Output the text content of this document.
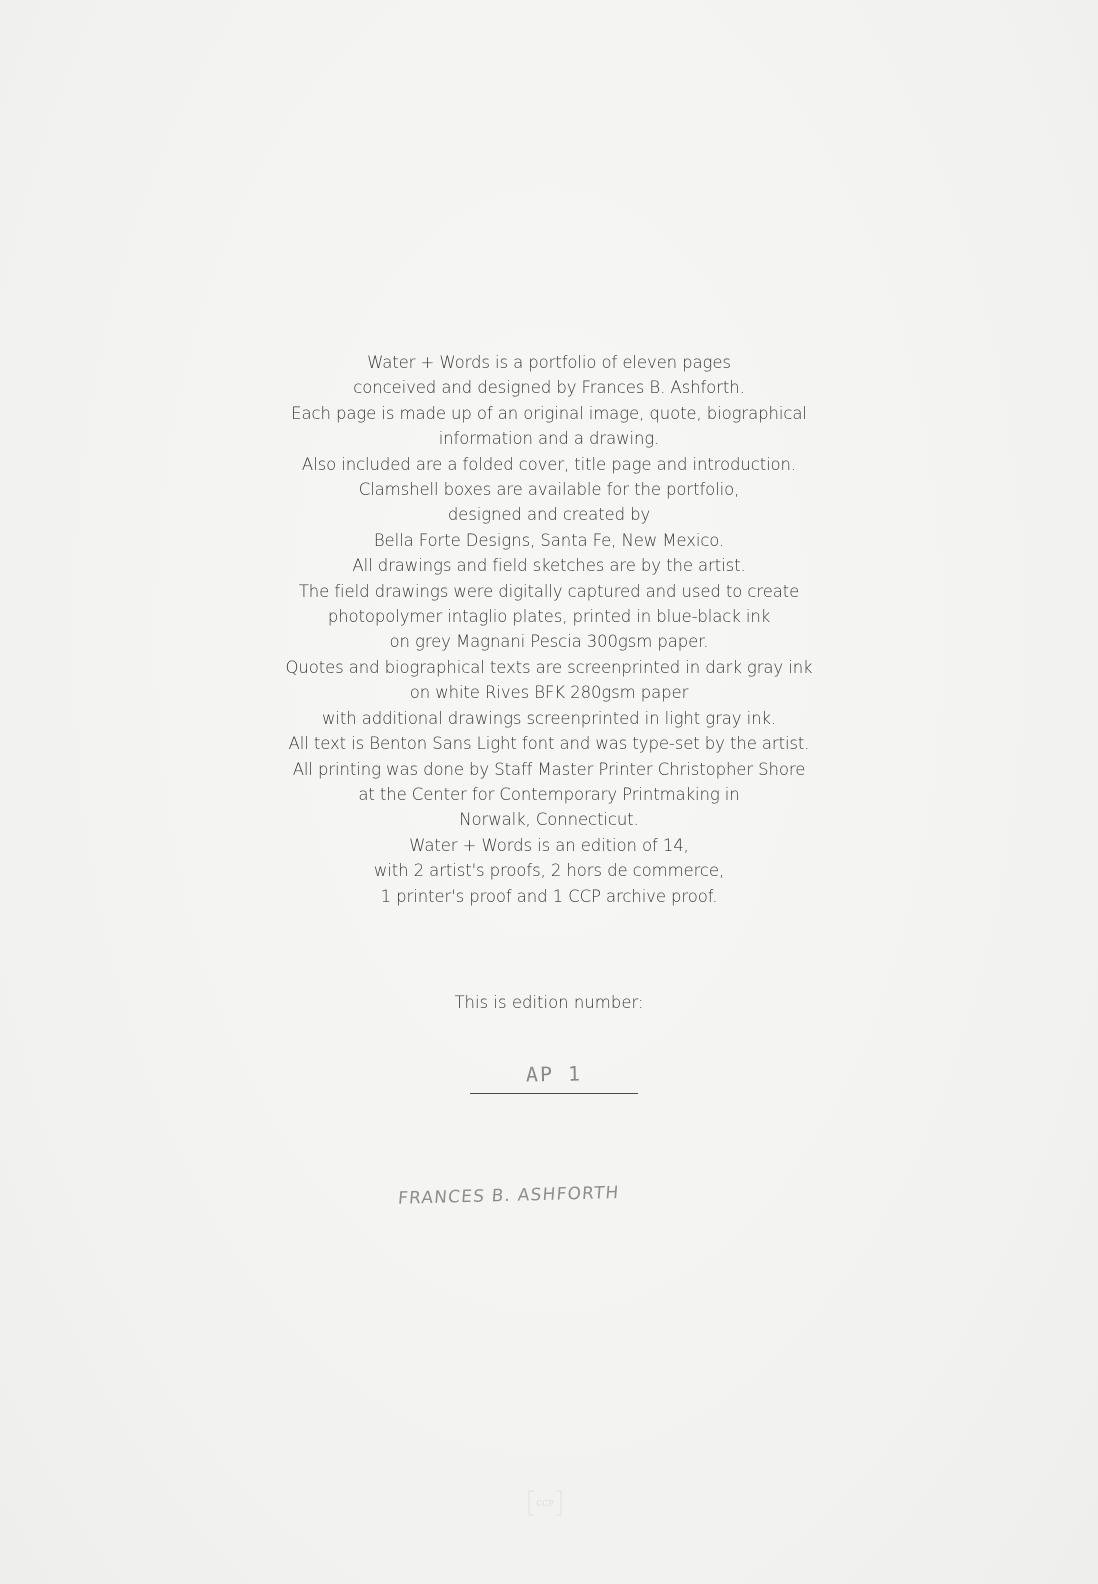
Water + Words is a portfolio of eleven pages
conceived and designed by Frances B. Ashforth.
Each page is made up of an original image, quote, biographical
information and a drawing.
Also included are a folded cover, title page and introduction.
Clamshell boxes are available for the portfolio,
designed and created by
Bella Forte Designs, Santa Fe, New Mexico.
All drawings and field sketches are by the artist.
The field drawings were digitally captured and used to create
photopolymer intaglio plates, printed in blue-black ink
on grey Magnani Pescia 300gsm paper.
Quotes and biographical texts are screenprinted in dark gray ink
on white Rives BFK 280gsm paper
with additional drawings screenprinted in light gray ink.
All text is Benton Sans Light font and was type-set by the artist.
All printing was done by Staff Master Printer Christopher Shore
at the Center for Contemporary Printmaking in
Norwalk, Connecticut.
Water + Words is an edition of 14,
with 2 artist's proofs, 2 hors de commerce,
1 printer's proof and 1 CCP archive proof.
This is edition number:
AP 1
FRANCES B. ASHFORTH
CCP
